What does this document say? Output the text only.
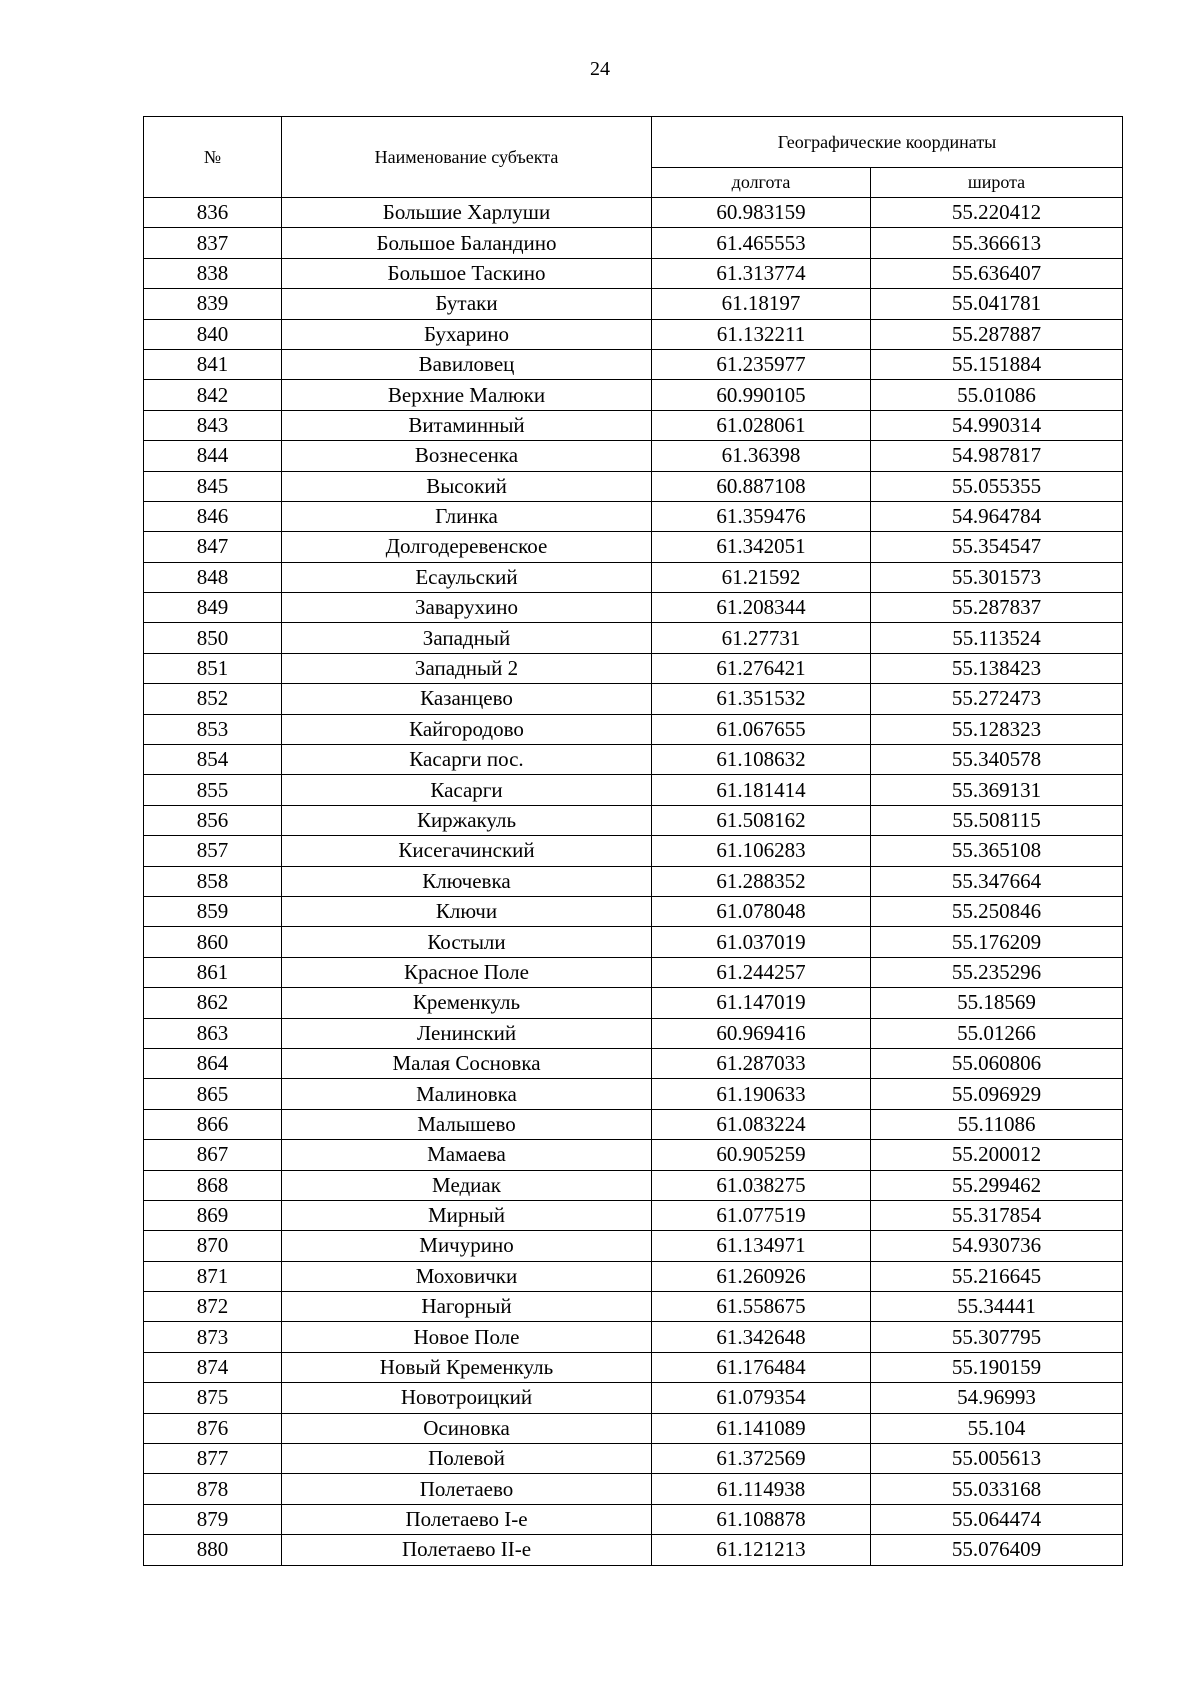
24
№	Наименование субъекта	Географические координаты	
		долгота	широта
836	Большие Харлуши	60.983159	55.220412
837	Большое Баландино	61.465553	55.366613
838	Большое Таскино	61.313774	55.636407
839	Бутаки	61.18197	55.041781
840	Бухарино	61.132211	55.287887
841	Вавиловец	61.235977	55.151884
842	Верхние Малюки	60.990105	55.01086
843	Витаминный	61.028061	54.990314
844	Вознесенка	61.36398	54.987817
845	Высокий	60.887108	55.055355
846	Глинка	61.359476	54.964784
847	Долгодеревенское	61.342051	55.354547
848	Есаульский	61.21592	55.301573
849	Заварухино	61.208344	55.287837
850	Западный	61.27731	55.113524
851	Западный 2	61.276421	55.138423
852	Казанцево	61.351532	55.272473
853	Кайгородово	61.067655	55.128323
854	Касарги пос.	61.108632	55.340578
855	Касарги	61.181414	55.369131
856	Киржакуль	61.508162	55.508115
857	Кисегачинский	61.106283	55.365108
858	Ключевка	61.288352	55.347664
859	Ключи	61.078048	55.250846
860	Костыли	61.037019	55.176209
861	Красное Поле	61.244257	55.235296
862	Кременкуль	61.147019	55.18569
863	Ленинский	60.969416	55.01266
864	Малая Сосновка	61.287033	55.060806
865	Малиновка	61.190633	55.096929
866	Малышево	61.083224	55.11086
867	Мамаева	60.905259	55.200012
868	Медиак	61.038275	55.299462
869	Мирный	61.077519	55.317854
870	Мичурино	61.134971	54.930736
871	Моховички	61.260926	55.216645
872	Нагорный	61.558675	55.34441
873	Новое Поле	61.342648	55.307795
874	Новый Кременкуль	61.176484	55.190159
875	Новотроицкий	61.079354	54.96993
876	Осиновка	61.141089	55.104
877	Полевой	61.372569	55.005613
878	Полетаево	61.114938	55.033168
879	Полетаево I-е	61.108878	55.064474
880	Полетаево II-е	61.121213	55.076409
